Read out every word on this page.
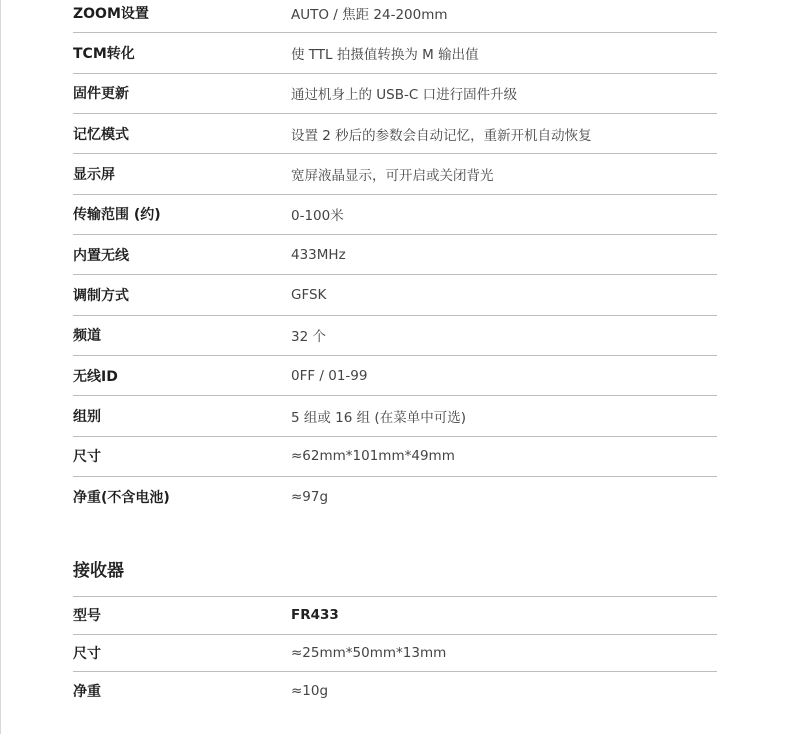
ZOOM设置	AUTO / 焦距 24-200mm
TCM转化	使 TTL 拍摄值转换为 M 输出值
固件更新	通过机身上的 USB-C 口进行固件升级
记忆模式	设置 2 秒后的参数会自动记忆，重新开机自动恢复
显示屏	宽屏液晶显示，可开启或关闭背光
传输范围 (约)	0-100米
内置无线	433MHz
调制方式	GFSK
频道	32 个
无线ID	0FF / 01-99
组别	5 组或 16 组 (在菜单中可选)
尺寸	≈62mm*101mm*49mm
净重(不含电池)	≈97g
接收器
型号	FR433
尺寸	≈25mm*50mm*13mm
净重	≈10g
